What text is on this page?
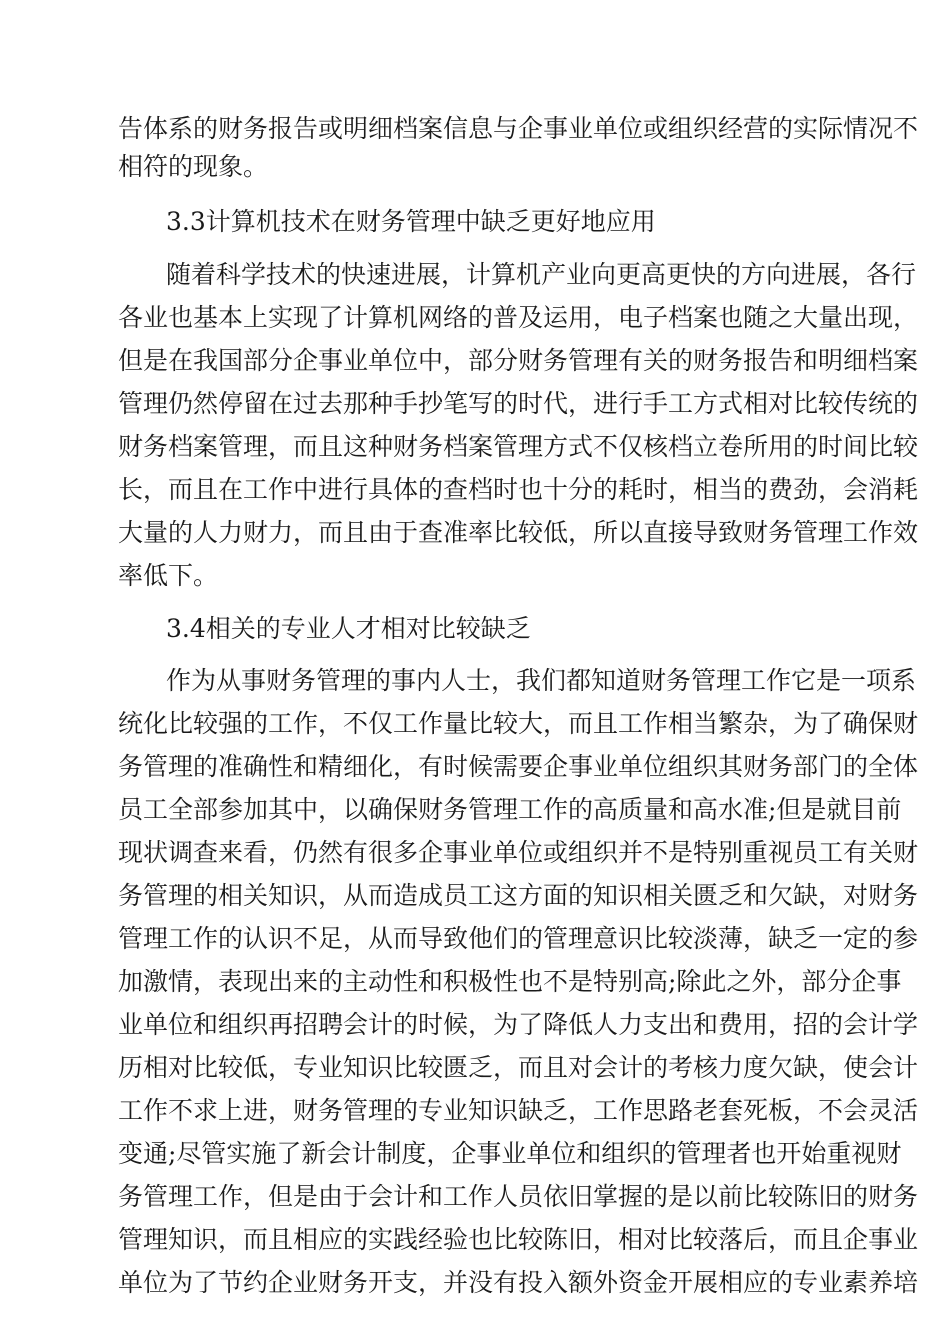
告体系的财务报告或明细档案信息与企事业单位或组织经营的实际情况不
相符的现象。
3.3计算机技术在财务管理中缺乏更好地应用
随着科学技术的快速进展，计算机产业向更高更快的方向进展，各行
各业也基本上实现了计算机网络的普及运用，电子档案也随之大量出现，
但是在我国部分企事业单位中，部分财务管理有关的财务报告和明细档案
管理仍然停留在过去那种手抄笔写的时代，进行手工方式相对比较传统的
财务档案管理，而且这种财务档案管理方式不仅核档立卷所用的时间比较
长，而且在工作中进行具体的查档时也十分的耗时，相当的费劲，会消耗
大量的人力财力，而且由于查准率比较低，所以直接导致财务管理工作效
率低下。
3.4相关的专业人才相对比较缺乏
作为从事财务管理的事内人士，我们都知道财务管理工作它是一项系
统化比较强的工作，不仅工作量比较大，而且工作相当繁杂，为了确保财
务管理的准确性和精细化，有时候需要企事业单位组织其财务部门的全体
员工全部参加其中，以确保财务管理工作的高质量和高水准;但是就目前
现状调查来看，仍然有很多企事业单位或组织并不是特别重视员工有关财
务管理的相关知识，从而造成员工这方面的知识相关匮乏和欠缺，对财务
管理工作的认识不足，从而导致他们的管理意识比较淡薄，缺乏一定的参
加激情，表现出来的主动性和积极性也不是特别高;除此之外，部分企事
业单位和组织再招聘会计的时候，为了降低人力支出和费用，招的会计学
历相对比较低，专业知识比较匮乏，而且对会计的考核力度欠缺，使会计
工作不求上进，财务管理的专业知识缺乏，工作思路老套死板，不会灵活
变通;尽管实施了新会计制度，企事业单位和组织的管理者也开始重视财
务管理工作，但是由于会计和工作人员依旧掌握的是以前比较陈旧的财务
管理知识，而且相应的实践经验也比较陈旧，相对比较落后，而且企事业
单位为了节约企业财务开支，并没有投入额外资金开展相应的专业素养培
